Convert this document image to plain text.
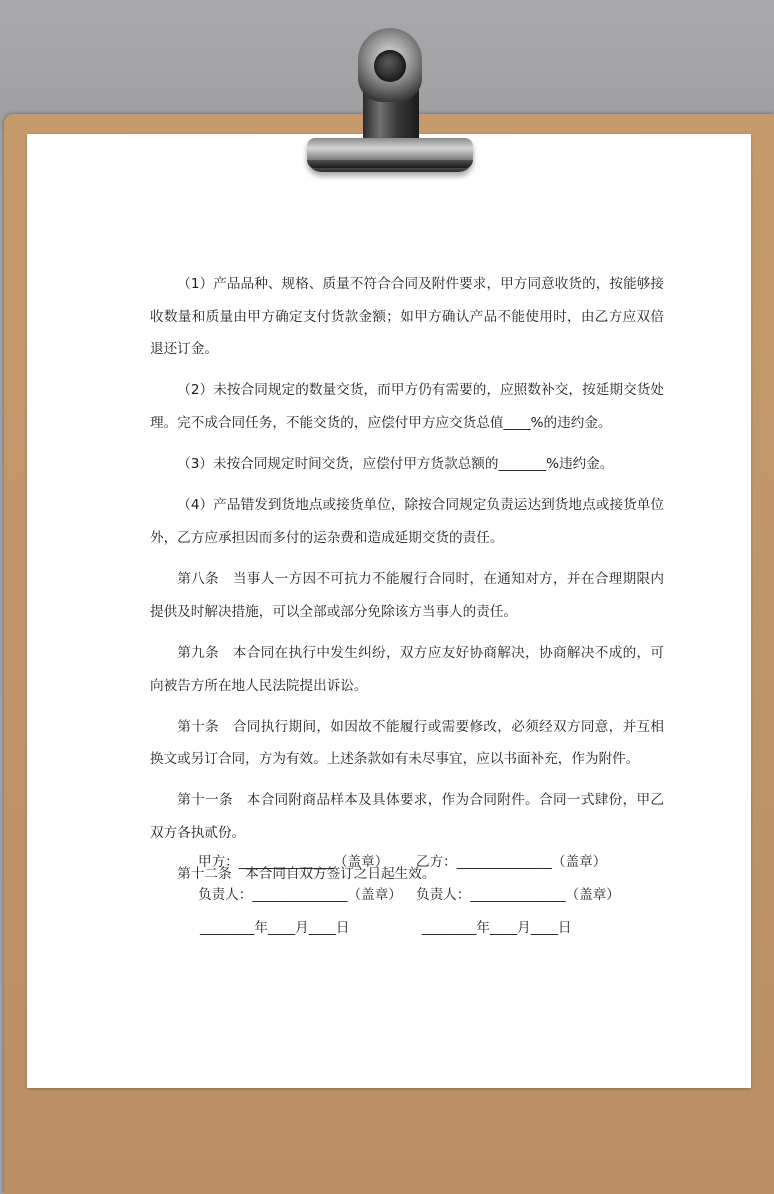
（1）产品品种、规格、质量不符合合同及附件要求，甲方同意收货的，按能够接收数量和质量由甲方确定支付货款金额；如甲方确认产品不能使用时，由乙方应双倍退还订金。

（2）未按合同规定的数量交货，而甲方仍有需要的，应照数补交，按延期交货处理。完不成合同任务，不能交货的，应偿付甲方应交货总值____%的违约金。

（3）未按合同规定时间交货，应偿付甲方货款总额的_______%违约金。

（4）产品错发到货地点或接货单位，除按合同规定负责运达到货地点或接货单位外，乙方应承担因而多付的运杂费和造成延期交货的责任。

第八条　当事人一方因不可抗力不能履行合同时，在通知对方，并在合理期限内提供及时解决措施，可以全部或部分免除该方当事人的责任。

第九条　本合同在执行中发生纠纷，双方应友好协商解决，协商解决不成的，可向被告方所在地人民法院提出诉讼。

第十条　合同执行期间，如因故不能履行或需要修改，必须经双方同意，并互相换文或另订合同，方为有效。上述条款如有未尽事宜，应以书面补充，作为附件。

第十一条　本合同附商品样本及具体要求，作为合同附件。合同一式肆份，甲乙双方各执贰份。

第十二条　本合同自双方签订之日起生效。

甲方：______________（盖章） 乙方：______________（盖章）
负责人：______________（盖章） 负责人：______________（盖章）
________年____月____日	________年____月____日
